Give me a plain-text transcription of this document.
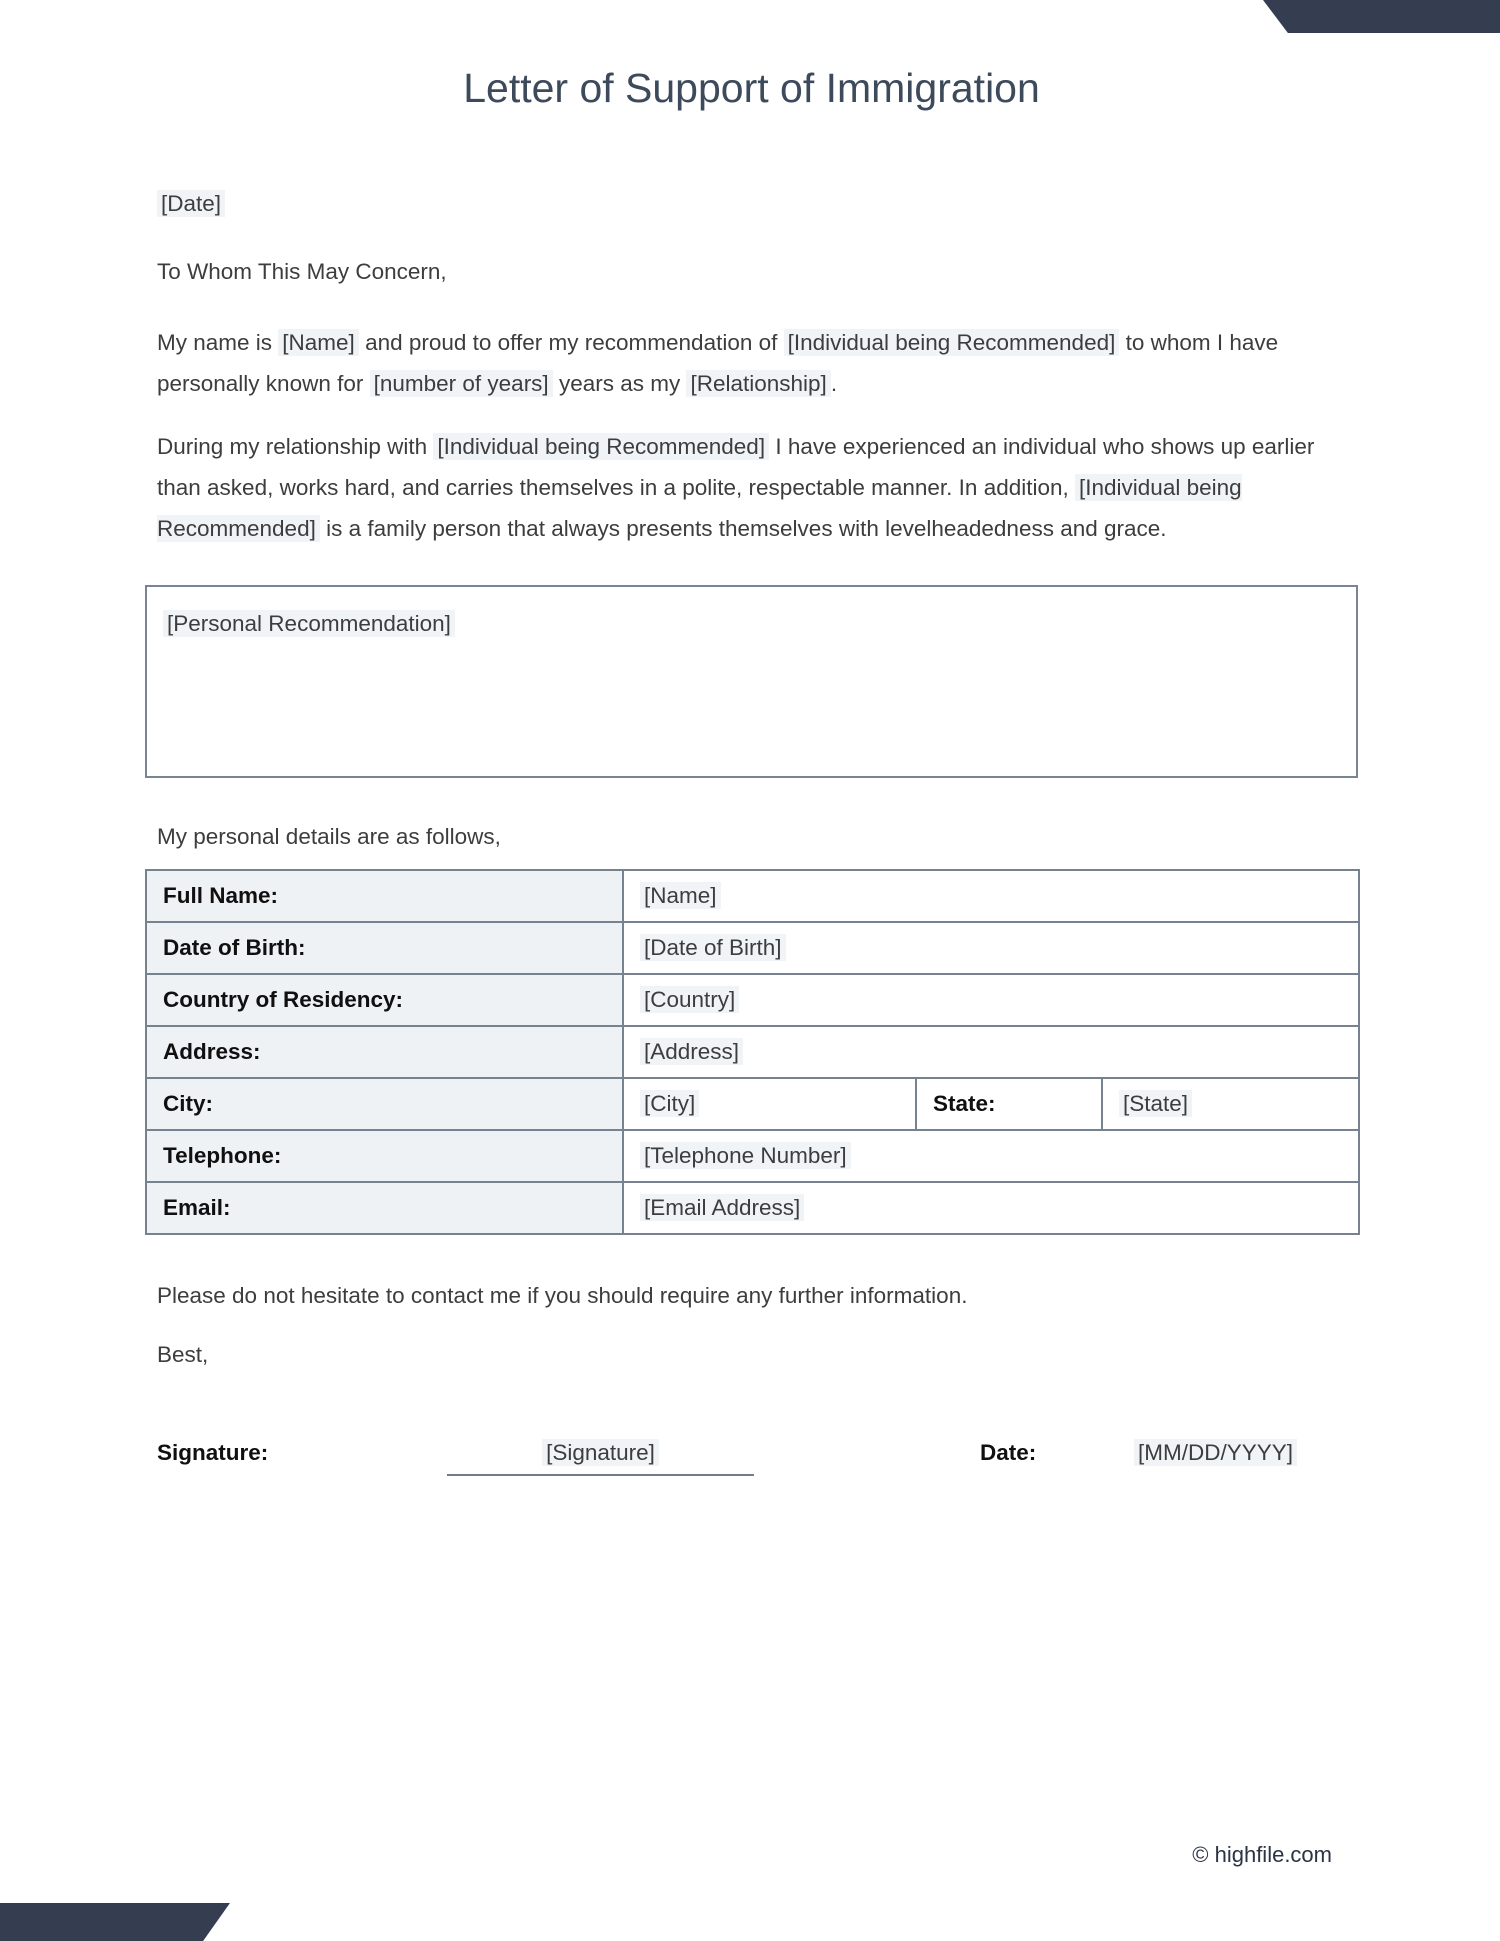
Letter of Support of Immigration

[Date]

To Whom This May Concern,

My name is [Name] and proud to offer my recommendation of [Individual being Recommended] to whom I have personally known for [number of years] years as my [Relationship] .

During my relationship with [Individual being Recommended] I have experienced an individual who shows up earlier than asked, works hard, and carries themselves in a polite, respectable manner. In addition, [Individual being Recommended] is a family person that always presents themselves with levelheadedness and grace.

[Personal Recommendation]

My personal details are as follows,

Full Name:	[Name]		
Date of Birth:	[Date of Birth]		
Country of Residency:	[Country]		
Address:	[Address]		
City:	[City]	State:	[State]
Telephone:	[Telephone Number]		
Email:	[Email Address]		

Please do not hesitate to contact me if you should require any further information.

Best,

Signature:	[Signature]	Date:	[MM/DD/YYYY]
© highfile.com
